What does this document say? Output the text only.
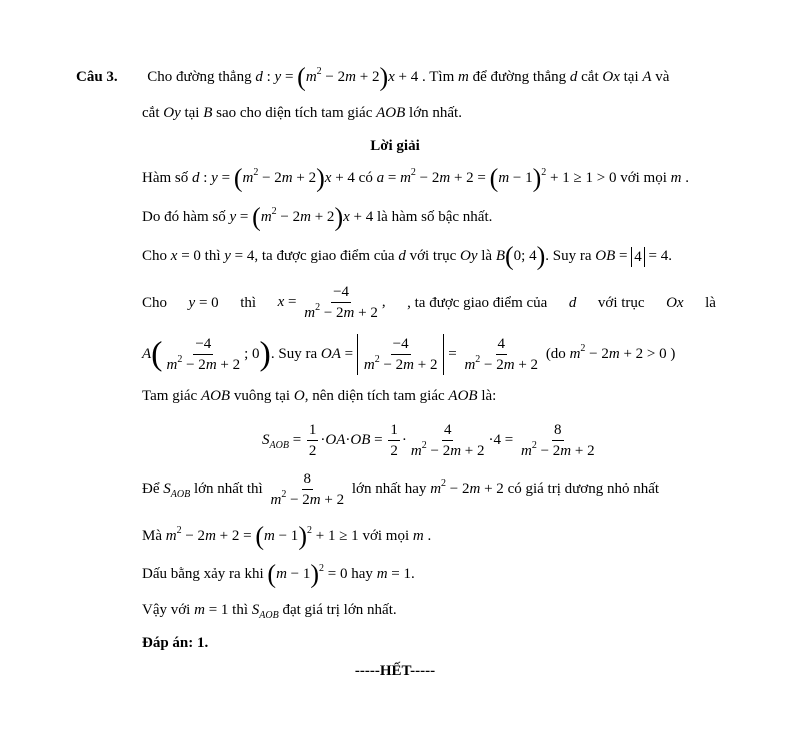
Câu 3. Cho đường thẳng d : $y = (m^2 - 2m + 2)x + 4$ . Tìm m để đường thẳng d cắt Ox tại A và
cắt Oy tại B sao cho diện tích tam giác AOB lớn nhất.
Lời giải
Hàm số d : $y = (m^2 - 2m + 2)x + 4$ có $a = m^2 - 2m + 2 = (m - 1)^2 + 1 \ge 1 > 0$ với mọi m .
Do đó hàm số $y = (m^2 - 2m + 2)x + 4$ là hàm số bậc nhất.
Cho x = 0 thì y = 4, ta được giao điểm của d với trục Oy là B(0; 4). Suy ra OB = 4 = 4.
Cho y = 0 thì $x = \frac{-4}{m^2 - 2m + 2}$ , , ta được giao điểm của d với trục Ox là
$A( \frac{-4}{m^2 - 2m + 2}$ ; 0). Suy ra OA = $\frac{-4}{m^2 - 2m + 2} = \frac{4}{m^2 - 2m + 2} (do$ $m^2 - 2m + 2 > 0$ )
Tam giác AOB vuông tại O, nên diện tích tam giác AOB là:
$S_{AOB} = \frac{1}{2} \cdot OA\cdot OB = \frac{1}{2} \cdot \frac{4}{m^2 - 2m + 2} \cdot 4 = \frac{8}{m^2 - 2m + 2}$
Để $S_{AOB}$ lớn nhất thì $\frac{8}{m^2 - 2m + 2}$ lớn nhất hay $m^2 - 2m + 2$ có giá trị dương nhỏ nhất
Mà $m^2 - 2m + 2 = (m - 1)^2 + 1 \ge 1$ với mọi m .
Dấu bằng xảy ra khi $(m - 1)^2 = 0$ hay m = 1.
Vậy với m = 1 thì $S_{AOB}$ đạt giá trị lớn nhất.
Đáp án: 1.
-----HẾT-----
